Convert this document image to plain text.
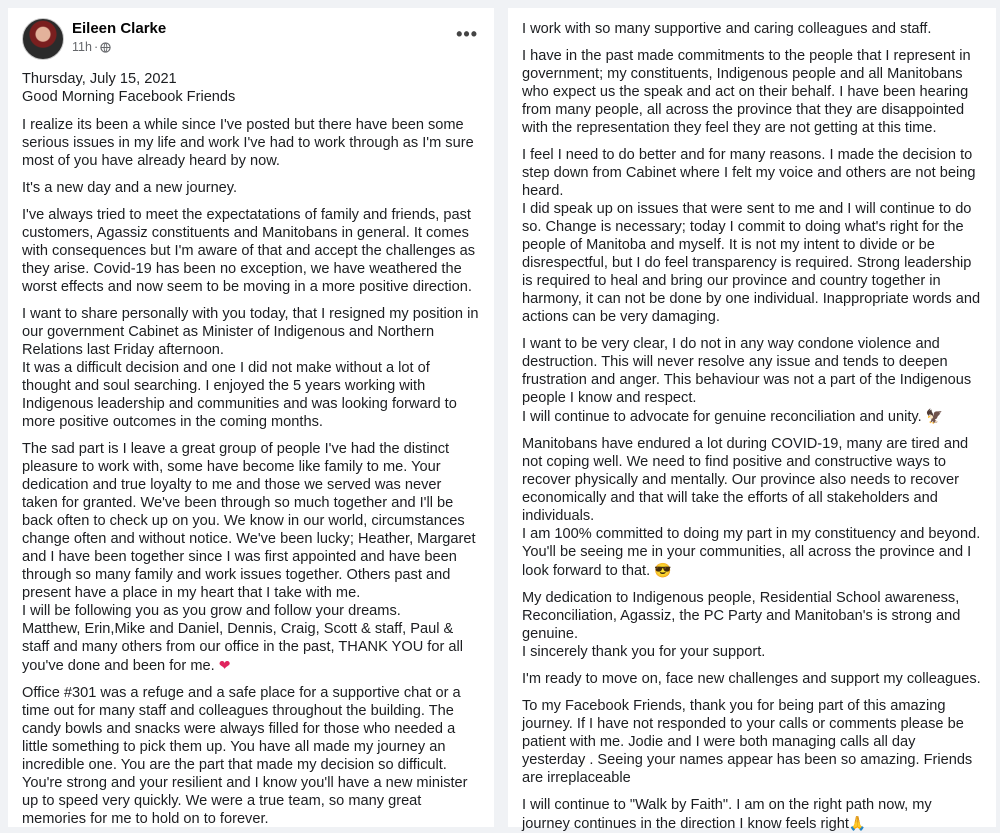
Eileen Clarke
11h ·
•••

Thursday, July 15, 2021
Good Morning Facebook Friends

I realize its been a while since I've posted but there have been some serious issues in my life and work I've had to work through as I'm sure most of you have already heard by now.

It's a new day and a new journey.

I've always tried to meet the expectatations of family and friends, past customers, Agassiz constituents and Manitobans in general. It comes with consequences but I'm aware of that and accept the challenges as they arise. Covid-19 has been no exception, we have weathered the worst effects and now seem to be moving in a more positive direction.

I want to share personally with you today, that I resigned my position in our government Cabinet as Minister of Indigenous and Northern Relations last Friday afternoon.
It was a difficult decision and one I did not make without a lot of thought and soul searching. I enjoyed the 5 years working with Indigenous leadership and communities and was looking forward to more positive outcomes in the coming months.

The sad part is I leave a great group of people I've had the distinct pleasure to work with, some have become like family to me. Your dedication and true loyalty to me and those we served was never taken for granted. We've been through so much together and I'll be back often to check up on you. We know in our world, circumstances change often and without notice. We've been lucky; Heather, Margaret and I have been together since I was first appointed and have been through so many family and work issues together. Others past and present have a place in my heart that I take with me.
I will be following you as you grow and follow your dreams.
Matthew, Erin,Mike and Daniel, Dennis, Craig, Scott & staff, Paul & staff and many others from our office in the past, THANK YOU for all you've done and been for me. ❤

Office #301 was a refuge and a safe place for a supportive chat or a time out for many staff and colleagues throughout the building. The candy bowls and snacks were always filled for those who needed a little something to pick them up. You have all made my journey an incredible one. You are the part that made my decision so difficult. You're strong and your resilient and I know you'll have a new minister up to speed very quickly. We were a true team, so many great memories for me to hold on to forever.

I work with so many supportive and caring colleagues and staff.

I have in the past made commitments to the people that I represent in government; my constituents, Indigenous people and all Manitobans who expect us the speak and act on their behalf. I have been hearing from many people, all across the province that they are disappointed with the representation they feel they are not getting at this time.

I feel I need to do better and for many reasons. I made the decision to step down from Cabinet where I felt my voice and others are not being heard.
I did speak up on issues that were sent to me and I will continue to do so. Change is necessary; today I commit to doing what's right for the people of Manitoba and myself. It is not my intent to divide or be disrespectful, but I do feel transparency is required. Strong leadership is required to heal and bring our province and country together in harmony, it can not be done by one individual. Inappropriate words and actions can be very damaging.

I want to be very clear, I do not in any way condone violence and destruction. This will never resolve any issue and tends to deepen frustration and anger. This behaviour was not a part of the Indigenous people I know and respect.
I will continue to advocate for genuine reconciliation and unity. 🦅

Manitobans have endured a lot during COVID-19, many are tired and not coping well. We need to find positive and constructive ways to recover physically and mentally. Our province also needs to recover economically and that will take the efforts of all stakeholders and individuals.
I am 100% committed to doing my part in my constituency and beyond. You'll be seeing me in your communities, all across the province and I look forward to that. 😎

My dedication to Indigenous people, Residential School awareness, Reconciliation, Agassiz, the PC Party and Manitoban's is strong and genuine.
I sincerely thank you for your support.

I'm ready to move on, face new challenges and support my colleagues.

To my Facebook Friends, thank you for being part of this amazing journey. If I have not responded to your calls or comments please be patient with me. Jodie and I were both managing calls all day yesterday . Seeing your names appear has been so amazing. Friends are irreplaceable

I will continue to "Walk by Faith". I am on the right path now, my journey continues in the direction I know feels right🙏
